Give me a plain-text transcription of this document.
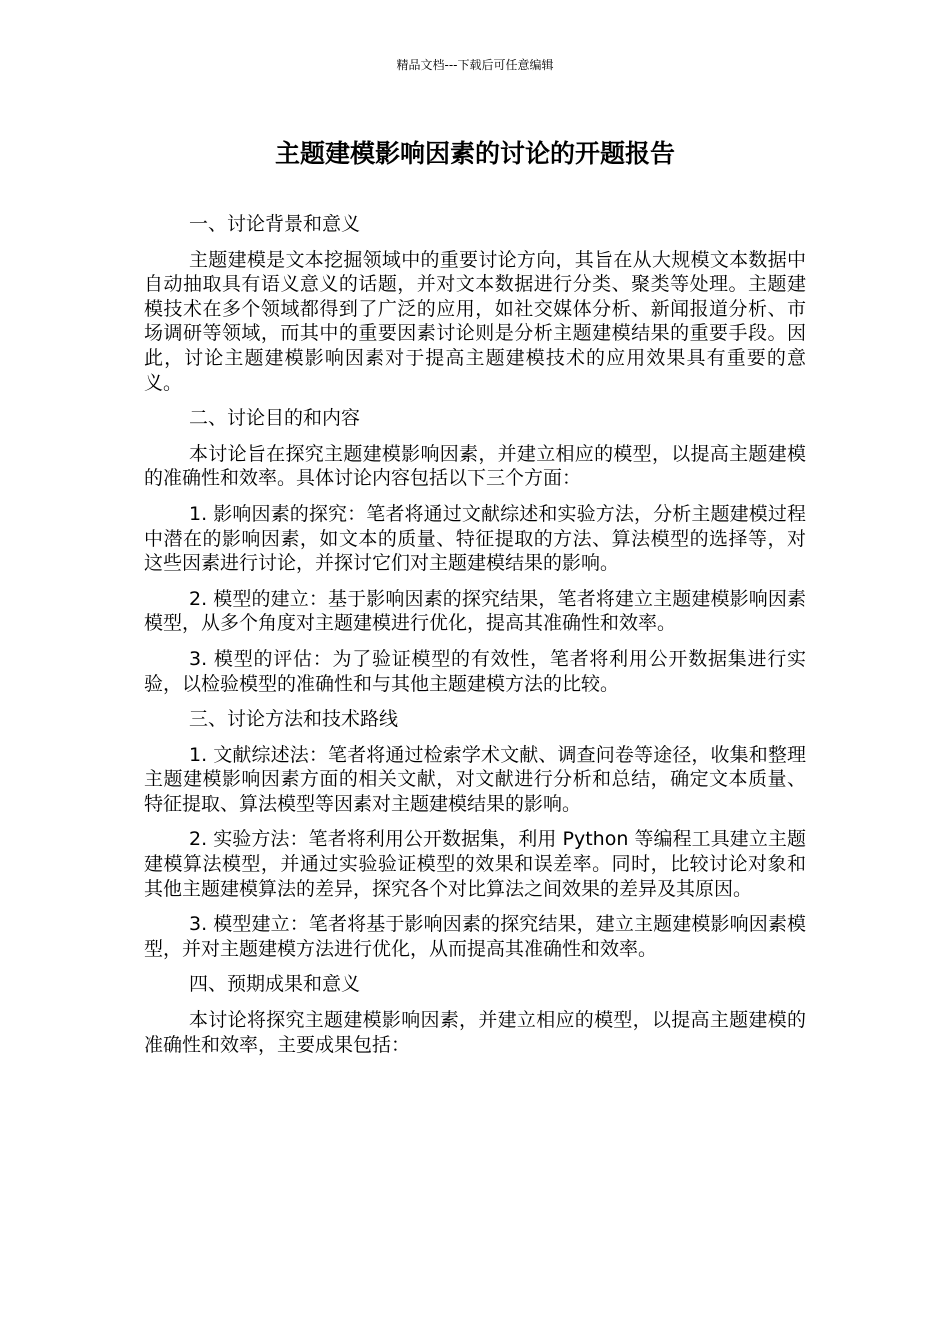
精品文档---下载后可任意编辑
主题建模影响因素的讨论的开题报告

一、讨论背景和意义

主题建模是文本挖掘领域中的重要讨论方向，其旨在从大规模文本数据中自动抽取具有语义意义的话题，并对文本数据进行分类、聚类等处理。主题建模技术在多个领域都得到了广泛的应用，如社交媒体分析、新闻报道分析、市场调研等领域，而其中的重要因素讨论则是分析主题建模结果的重要手段。因此，讨论主题建模影响因素对于提高主题建模技术的应用效果具有重要的意义。

二、讨论目的和内容

本讨论旨在探究主题建模影响因素，并建立相应的模型，以提高主题建模的准确性和效率。具体讨论内容包括以下三个方面：

1. 影响因素的探究：笔者将通过文献综述和实验方法，分析主题建模过程中潜在的影响因素，如文本的质量、特征提取的方法、算法模型的选择等，对这些因素进行讨论，并探讨它们对主题建模结果的影响。

2. 模型的建立：基于影响因素的探究结果，笔者将建立主题建模影响因素模型，从多个角度对主题建模进行优化，提高其准确性和效率。

3. 模型的评估：为了验证模型的有效性，笔者将利用公开数据集进行实验，以检验模型的准确性和与其他主题建模方法的比较。

三、讨论方法和技术路线

1. 文献综述法：笔者将通过检索学术文献、调查问卷等途径，收集和整理主题建模影响因素方面的相关文献，对文献进行分析和总结，确定文本质量、特征提取、算法模型等因素对主题建模结果的影响。

2. 实验方法：笔者将利用公开数据集，利用 Python 等编程工具建立主题建模算法模型，并通过实验验证模型的效果和误差率。同时，比较讨论对象和其他主题建模算法的差异，探究各个对比算法之间效果的差异及其原因。

3. 模型建立：笔者将基于影响因素的探究结果，建立主题建模影响因素模型，并对主题建模方法进行优化，从而提高其准确性和效率。

四、预期成果和意义

本讨论将探究主题建模影响因素，并建立相应的模型，以提高主题建模的准确性和效率，主要成果包括：
